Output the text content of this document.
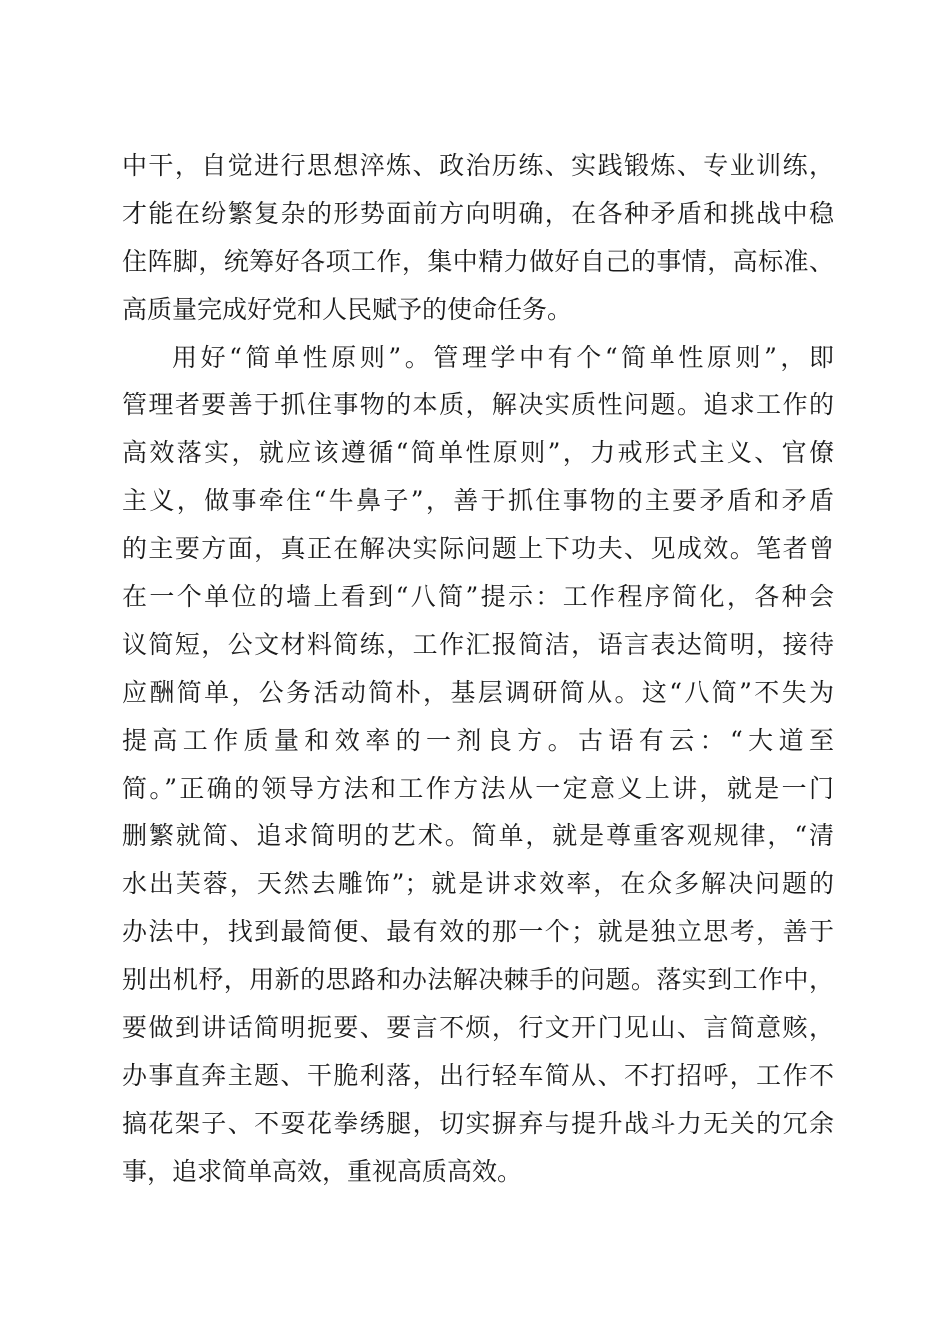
中干，自觉进行思想淬炼、政治历练、实践锻炼、专业训练，
才能在纷繁复杂的形势面前方向明确，在各种矛盾和挑战中稳
住阵脚，统筹好各项工作，集中精力做好自己的事情，高标准、
高质量完成好党和人民赋予的使命任务。
用好“简单性原则”。管理学中有个“简单性原则”，即
管理者要善于抓住事物的本质，解决实质性问题。追求工作的
高效落实，就应该遵循“简单性原则”，力戒形式主义、官僚
主义，做事牵住“牛鼻子”，善于抓住事物的主要矛盾和矛盾
的主要方面，真正在解决实际问题上下功夫、见成效。笔者曾
在一个单位的墙上看到“八简”提示：工作程序简化，各种会
议简短，公文材料简练，工作汇报简洁，语言表达简明，接待
应酬简单，公务活动简朴，基层调研简从。这“八简”不失为
提高工作质量和效率的一剂良方。古语有云：“大道至
简。”正确的领导方法和工作方法从一定意义上讲，就是一门
删繁就简、追求简明的艺术。简单，就是尊重客观规律，“清
水出芙蓉，天然去雕饰”；就是讲求效率，在众多解决问题的
办法中，找到最简便、最有效的那一个；就是独立思考，善于
别出机杼，用新的思路和办法解决棘手的问题。落实到工作中，
要做到讲话简明扼要、要言不烦，行文开门见山、言简意赅，
办事直奔主题、干脆利落，出行轻车简从、不打招呼，工作不
搞花架子、不耍花拳绣腿，切实摒弃与提升战斗力无关的冗余
事，追求简单高效，重视高质高效。
